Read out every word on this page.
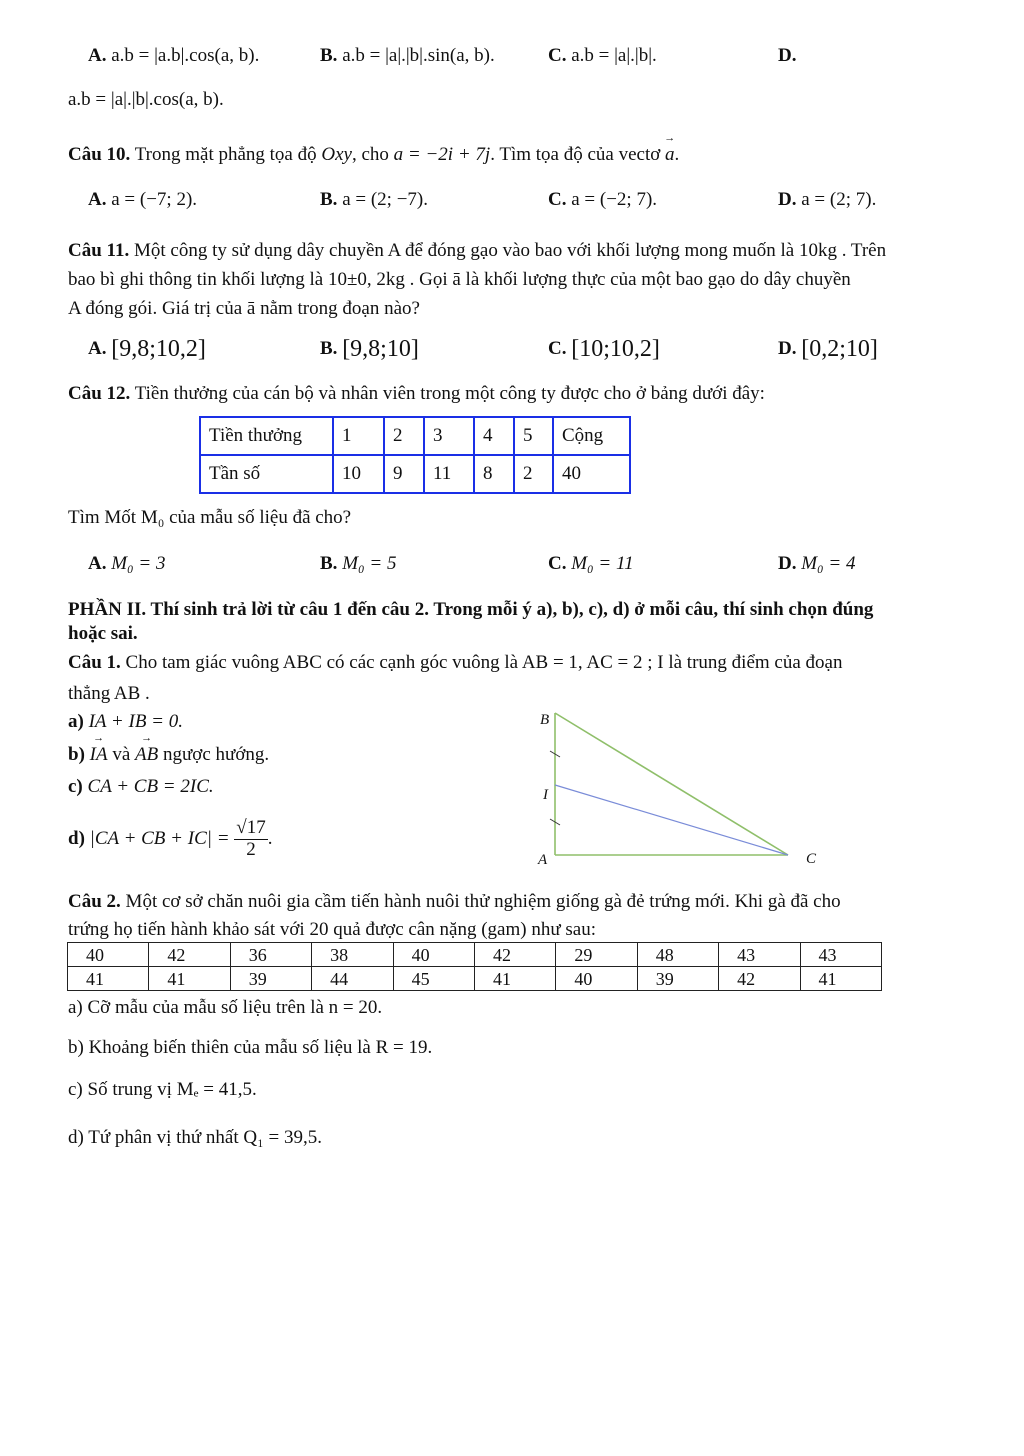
A. a.b = |a.b|.cos(a, b).	B. a.b = |a|.|b|.sin(a, b).	C. a.b = |a|.|b|.	D.
a.b = |a|.|b|.cos(a, b).
Câu 10. Trong mặt phẳng tọa độ Oxy, cho a = −2i + 7j. Tìm tọa độ của vectơ → a.
A. a = (−7; 2).	B. a = (2; −7).	C. a = (−2; 7).	D. a = (2; 7).
Câu 11. Một công ty sử dụng dây chuyền A để đóng gạo vào bao với khối lượng mong muốn là 10kg . Trên
bao bì ghi thông tin khối lượng là 10±0, 2kg . Gọi ā là khối lượng thực của một bao gạo do dây chuyền
A đóng gói. Giá trị của ā nằm trong đoạn nào?
A. [9,8;10,2]	B. [9,8;10]	C. [10;10,2]	D. [0,2;10]
Câu 12. Tiền thưởng của cán bộ và nhân viên trong một công ty được cho ở bảng dưới đây:
Tiền thưởng	1	2	3	4	5	Cộng
Tần số	10	9	11	8	2	40
Tìm Mốt M₀ của mẫu số liệu đã cho?
A. M₀ = 3	B. M₀ = 5	C. M₀ = 11	D. M₀ = 4
PHẦN II. Thí sinh trả lời từ câu 1 đến câu 2. Trong mỗi ý a), b), c), d) ở mỗi câu, thí sinh chọn đúng
hoặc sai.
Câu 1. Cho tam giác vuông ABC có các cạnh góc vuông là AB = 1, AC = 2 ; I là trung điểm của đoạn
thẳng AB .
a) IA + IB = 0.
b) → IA và → AB ngược hướng.
c) CA + CB = 2IC.
d) |CA + CB + $IC| = \frac{√17}{2}$ .
B
I
A	C
Câu 2. Một cơ sở chăn nuôi gia cầm tiến hành nuôi thử nghiệm giống gà đẻ trứng mới. Khi gà đã cho
trứng họ tiến hành khảo sát với 20 quả được cân nặng (gam) như sau:
40	42	36	38	40	42	29	48	43	43
41	41	39	44	45	41	40	39	42	41
a) Cỡ mẫu của mẫu số liệu trên là n = 20.
b) Khoảng biến thiên của mẫu số liệu là R = 19.
c) Số trung vị Mₑ = 41,5.
d) Tứ phân vị thứ nhất Q₁ = 39,5.
